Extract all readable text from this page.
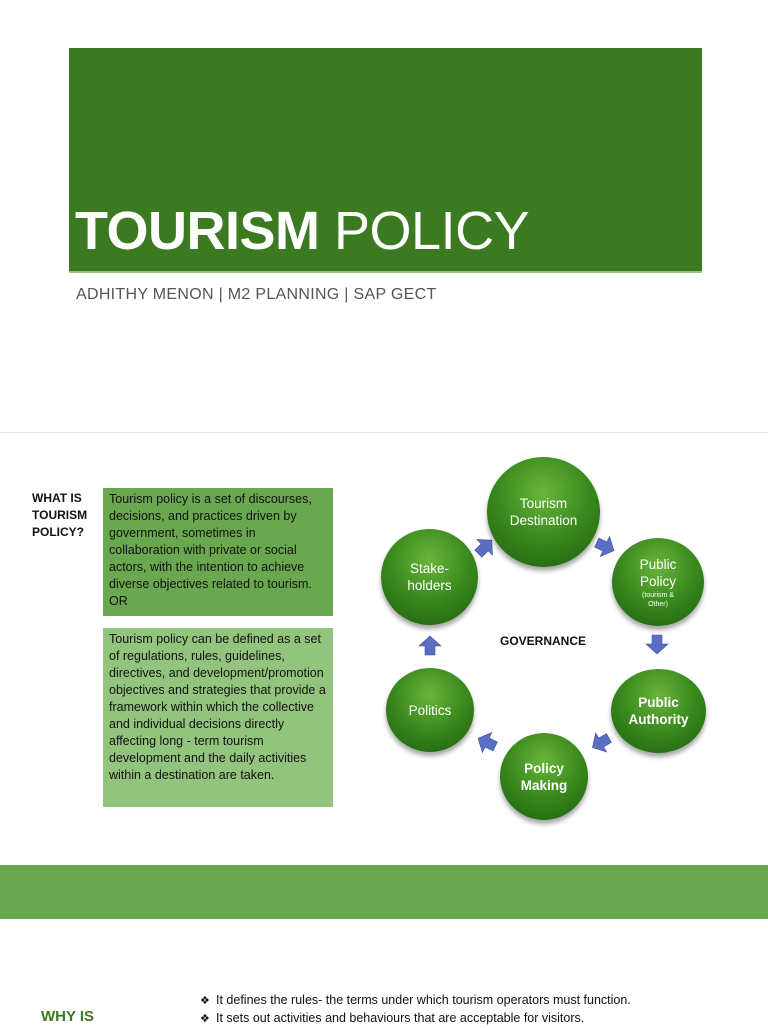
TOURISM POLICY
ADHITHY MENON | M2 PLANNING | SAP GECT
WHAT IS TOURISM POLICY?

Tourism policy is a set of discourses, decisions, and practices driven by government, sometimes in collaboration with private or social actors, with the intention to achieve diverse objectives related to tourism.

OR

Tourism policy can be defined as a set of regulations, rules, guidelines, directives, and development/promotion objectives and strategies that provide a framework within which the collective and individual decisions directly affecting long - term tourism development and the daily activities within a destination are taken.

Tourism Destination
Public Policy
(tourism & Other)
Public Authority
Policy Making
Politics
Stake-holders
GOVERNANCE
WHY IS
❖ It defines the rules- the terms under which tourism operators must function.
❖ It sets out activities and behaviours that are acceptable for visitors.
